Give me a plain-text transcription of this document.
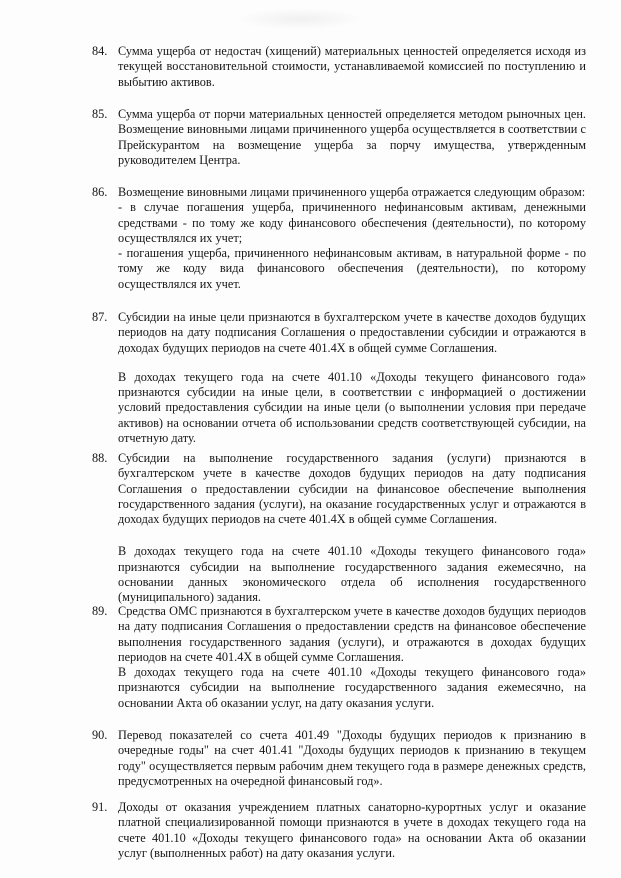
84. Сумма ущерба от недостач (хищений) материальных ценностей определяется исходя из текущей восстановительной стоимости, устанавливаемой комиссией по поступлению и выбытию активов.

85. Сумма ущерба от порчи материальных ценностей определяется методом рыночных цен. Возмещение виновными лицами причиненного ущерба осуществляется в соответствии с Прейскурантом на возмещение ущерба за порчу имущества, утвержденным руководителем Центра.

86. Возмещение виновными лицами причиненного ущерба отражается следующим образом:

- в случае погашения ущерба, причиненного нефинансовым активам, денежными средствами - по тому же коду финансового обеспечения (деятельности), по которому осуществлялся их учет;

- погашения ущерба, причиненного нефинансовым активам, в натуральной форме - по тому же коду вида финансового обеспечения (деятельности), по которому осуществлялся их учет.

87. Субсидии на иные цели признаются в бухгалтерском учете в качестве доходов будущих периодов на дату подписания Соглашения о предоставлении субсидии и отражаются в доходах будущих периодов на счете 401.4X в общей сумме Соглашения.

В доходах текущего года на счете 401.10 «Доходы текущего финансового года» признаются субсидии на иные цели, в соответствии с информацией о достижении условий предоставления субсидии на иные цели (о выполнении условия при передаче активов) на основании отчета об использовании средств соответствующей субсидии, на отчетную дату.

88. Субсидии на выполнение государственного задания (услуги) признаются в бухгалтерском учете в качестве доходов будущих периодов на дату подписания Соглашения о предоставлении субсидии на финансовое обеспечение выполнения государственного задания (услуги), на оказание государственных услуг и отражаются в доходах будущих периодов на счете 401.4X в общей сумме Соглашения.

В доходах текущего года на счете 401.10 «Доходы текущего финансового года» признаются субсидии на выполнение государственного задания ежемесячно, на основании данных экономического отдела об исполнения государственного (муниципального) задания.

89. Средства ОМС признаются в бухгалтерском учете в качестве доходов будущих периодов на дату подписания Соглашения о предоставлении средств на финансовое обеспечение выполнения государственного задания (услуги), и отражаются в доходах будущих периодов на счете 401.4X в общей сумме Соглашения.

В доходах текущего года на счете 401.10 «Доходы текущего финансового года» признаются субсидии на выполнение государственного задания ежемесячно, на основании Акта об оказании услуг, на дату оказания услуги.

90. Перевод показателей со счета 401.49 "Доходы будущих периодов к признанию в очередные годы" на счет 401.41 "Доходы будущих периодов к признанию в текущем году" осуществляется первым рабочим днем текущего года в размере денежных средств, предусмотренных на очередной финансовый год».

91. Доходы от оказания учреждением платных санаторно-курортных услуг и оказание платной специализированной помощи признаются в учете в доходах текущего года на счете 401.10 «Доходы текущего финансового года» на основании Акта об оказании услуг (выполненных работ) на дату оказания услуги.
